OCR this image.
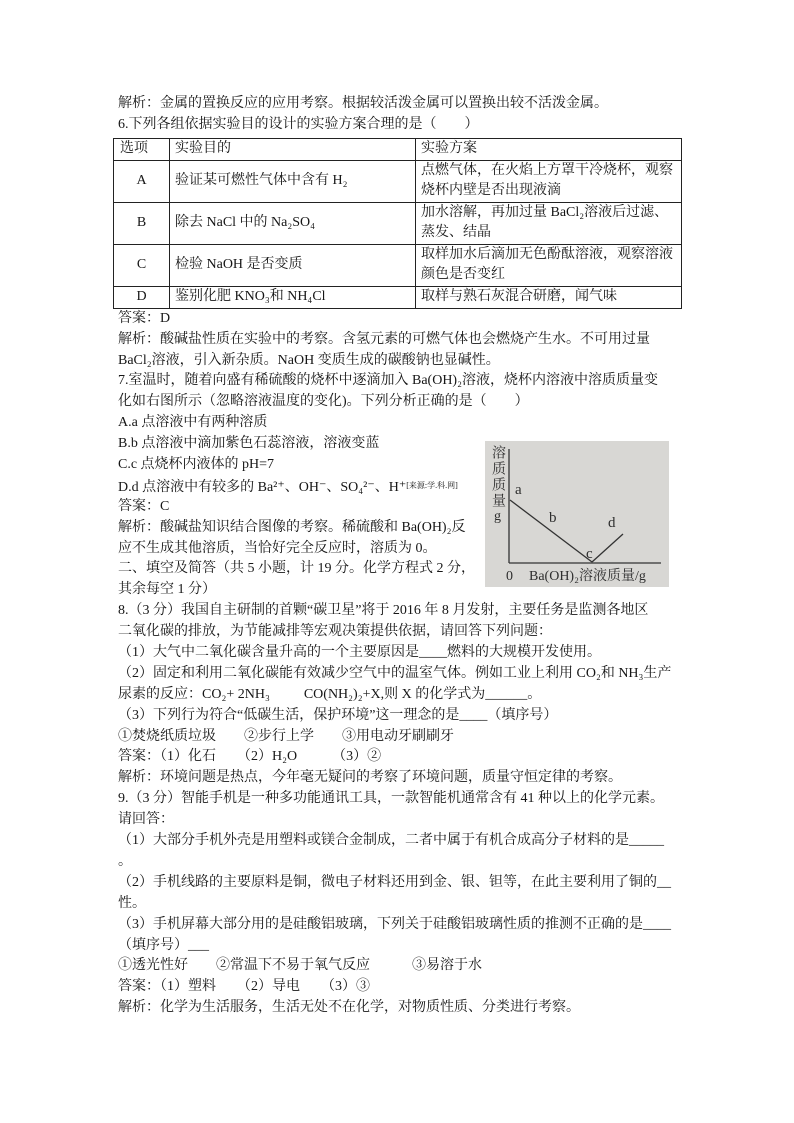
解析：金属的置换反应的应用考察。根据较活泼金属可以置换出较不活泼金属。
6.下列各组依据实验目的设计的实验方案合理的是（　　）
选项	实验目的	实验方案
A	验证某可燃性气体中含有 H₂	点燃气体，在火焰上方罩干冷烧杯，观察
烧杯内壁是否出现液滴

B	除去 NaCl 中的 Na₂SO₄	加水溶解，再加过量 BaCl₂溶液后过滤、
蒸发、结晶

C	检验 NaOH 是否变质	取样加水后滴加无色酚酞溶液，观察溶液
颜色是否变红

D	鉴别化肥 KNO₃和 NH₄Cl	取样与熟石灰混合研磨，闻气味
答案：D
解析：酸碱盐性质在实验中的考察。含氢元素的可燃气体也会燃烧产生水。不可用过量
BaCl₂溶液，引入新杂质。NaOH 变质生成的碳酸钠也显碱性。
7.室温时，随着向盛有稀硫酸的烧杯中逐滴加入 Ba(OH)₂溶液，烧杯内溶液中溶质质量变
化如右图所示（忽略溶液温度的变化)。下列分析正确的是（　　）
A.a 点溶液中有两种溶质
B.b 点溶液中滴加紫色石蕊溶液，溶液变蓝
C.c 点烧杯内液体的 pH=7
D.d 点溶液中有较多的 Ba²⁺、OH⁻、SO₄²⁻、H⁺[来源:学.科.网]
答案：C
解析：酸碱盐知识结合图像的考察。稀硫酸和 Ba(OH)₂反
应不生成其他溶质，当恰好完全反应时，溶质为 0。
二、填空及简答（共 5 小题，计 19 分。化学方程式 2 分，
其余每空 1 分）
8.（3 分）我国自主研制的首颗“碳卫星”将于 2016 年 8 月发射，主要任务是监测各地区
二氧化碳的排放，为节能减排等宏观决策提供依据，请回答下列问题：
（1）大气中二氧化碳含量升高的一个主要原因是____燃料的大规模开发使用。
（2）固定和利用二氧化碳能有效减少空气中的温室气体。例如工业上利用 CO₂和 NH₃生产
尿素的反应：CO₂+ 2NH₃ CO(NH₂)₂+X,则 X 的化学式为______。
（3）下列行为符合“低碳生活，保护环境”这一理念的是____（填序号）
①焚烧纸质垃圾　　②步行上学　　③用电动牙刷刷牙
答案：（1）化石　　（2）H₂O　　　（3）②
解析：环境问题是热点，今年毫无疑问的考察了环境问题，质量守恒定律的考察。
9.（3 分）智能手机是一种多功能通讯工具，一款智能机通常含有 41 种以上的化学元素。
请回答：
（1）大部分手机外壳是用塑料或镁合金制成，二者中属于有机合成高分子材料的是_____
。
（2）手机线路的主要原料是铜，微电子材料还用到金、银、钽等，在此主要利用了铜的__
性。
（3）手机屏幕大部分用的是硅酸铝玻璃，下列关于硅酸铝玻璃性质的推测不正确的是____
（填序号）___
①透光性好　　②常温下不易于氧气反应　　　③易溶于水
答案：（1）塑料　　（2）导电　　（3）③
解析：化学为生活服务，生活无处不在化学，对物质性质、分类进行考察。
溶质质量g a
b
c
d
0 Ba(OH)₂溶液质量/g
